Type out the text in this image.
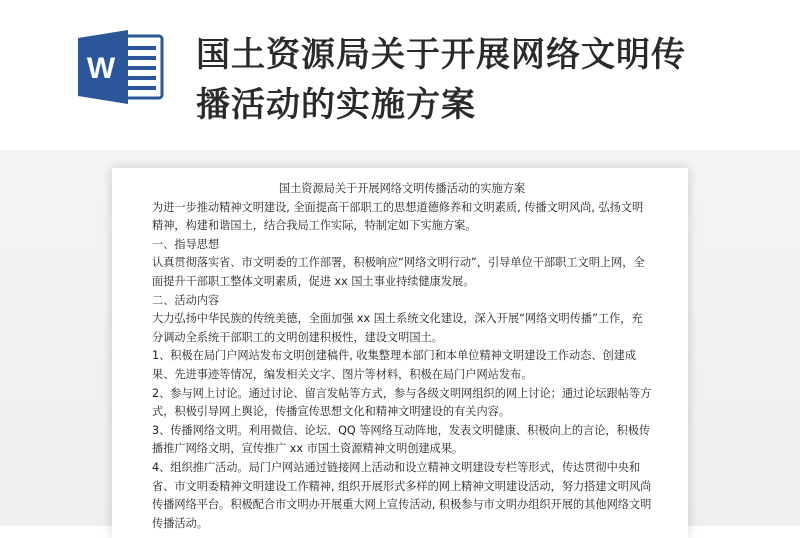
W 国土资源局关于开展网络文明传
播活动的实施方案

国土资源局关于开展网络文明传播活动的实施方案

为进一步推动精神文明建设, 全面提高干部职工的思想道德修养和文明素质, 传播文明风尚, 弘扬文明精神，构建和谐国土，结合我局工作实际，特制定如下实施方案。

一、指导思想

认真贯彻落实省、市文明委的工作部署，积极响应“网络文明行动”，引导单位干部职工文明上网，全面提升干部职工整体文明素质，促进 xx 国土事业持续健康发展。

二、活动内容

大力弘扬中华民族的传统美德，全面加强 xx 国土系统文化建设，深入开展“网络文明传播”工作，充分调动全系统干部职工的文明创建积极性，建设文明国土。

1、积极在局门户网站发布文明创建稿件, 收集整理本部门和本单位精神文明建设工作动态、创建成果、先进事迹等情况，编发相关文字、图片等材料，积极在局门户网站发布。

2、参与网上讨论。通过讨论、留言发帖等方式，参与各级文明网组织的网上讨论；通过论坛跟帖等方式，积极引导网上舆论，传播宣传思想文化和精神文明建设的有关内容。

3、传播网络文明。利用微信、论坛、QQ 等网络互动阵地，发表文明健康、积极向上的言论，积极传播推广网络文明，宣传推广 xx 市国土资源精神文明创建成果。

4、组织推广活动。局门户网站通过链接网上活动和设立精神文明建设专栏等形式，传达贯彻中央和省、市文明委精神文明建设工作精神, 组织开展形式多样的网上精神文明建设活动，努力搭建文明风尚传播网络平台。积极配合市文明办开展重大网上宣传活动, 积极参与市文明办组织开展的其他网络文明传播活动。
